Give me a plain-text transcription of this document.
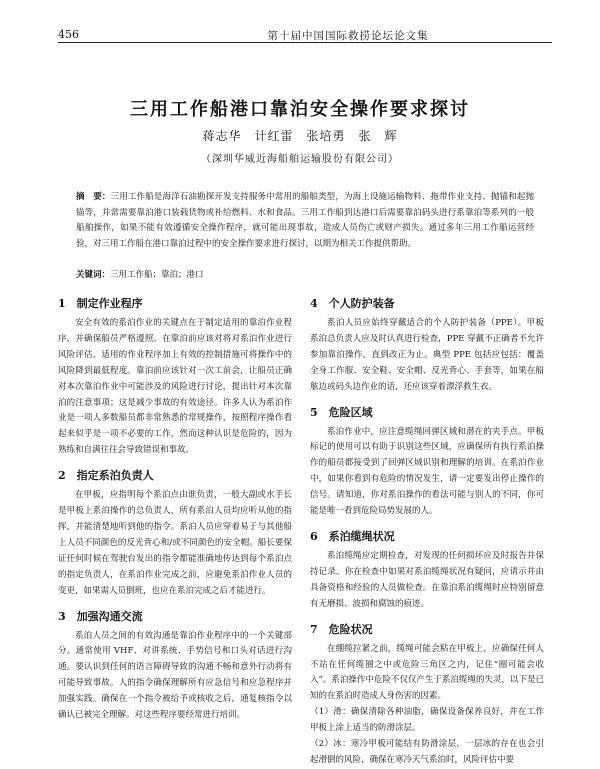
456	第十届中国国际救捞论坛论文集
三用工作船港口靠泊安全操作要求探讨
蒋志华　计红雷　张培勇　张　辉
（深圳华威近海船舶运输股份有限公司）
摘　要：三用工作船是海洋石油勘探开发支持服务中常用的船舶类型，为海上设施运输物料、拖带作业支持、抛锚和起抛锚等，并常需要靠泊港口装载货物或补给燃料、水和食品。三用工作船到达港口后需要靠泊码头进行系靠泊等系列的一般船舶操作，如果不能有效遵循安全操作程序，就可能出现事故，造成人员伤亡或财产损失。通过多年三用工作船运营经验，对三用工作船在港口靠泊过程中的安全操作要求进行探讨，以期为相关工作提供帮助。
关键词：三用工作船；靠泊；港口
1　制定作业程序

安全有效的系泊作业的关键点在于制定适用的靠泊作业程序，并确保船员严格遵照。在靠泊前应该对将对系泊作业进行风险评估，适用的作业程序加上有效的控制措施可将操作中的风险降到最低程度。靠泊前应该针对一次工前会，让船员正确对本次靠泊作业中可能涉及的风险进行讨论，提出针对本次靠泊的注意事项；这是减少事故的有效途径。许多人认为系泊作业是一项人多数船员都非常熟悉的常规操作，按照程序操作看起来似乎是一项不必要的工作，然而这种认识是危险的，因为熟练和自满往往会导致错误和事故。

2　指定系泊负责人

在甲板，应指明每个系泊点由谁负责，一般大副或水手长是甲板上系泊操作的总负责人，所有系泊人员均应听从他的指挥，并能清楚地听到他的指令。系泊人员应穿着易于与其他船上人员不同颜色的反光背心和/或不同颜色的安全帽。船长要保证任何时候在驾驶台发出的指令都能准确地传达到每个系泊点的指定负责人，在系泊作业完成之前，应避免系泊作业人员的变更，如果需人员倒班，也应在系泊完成之后才能进行。

3　加强沟通交流

系泊人员之间的有效沟通是靠泊作业程序中的一个关键部分。通常使用 VHF、对讲系统、手势信号和口头对话进行沟通。要认识到任何的语言障碍导致的沟通不畅和意外行动将有可能导致事故。人的指令确保理解所有应急信号和应急程序并加强实践。确保在一个指令被给予或核收之后，通复核指令以确认已被完全理解。对这些程序要经常进行培训。

4　个人防护装备

系泊人员应始终穿戴适合的个人防护装备（PPE）。甲板系泊总负责人应及时认真进行检查，PPE 穿戴不正确者不允许参加靠泊操作，直到改正为止。典型 PPE 包括应包括：覆盖全身工作服、安全鞋、安全帽、反光背心、手套等，如果在船舷边或码头边作业的话，还应该穿着漂浮救生衣。

5　危险区域

系泊作业中，应注意缆绳回弹区域和潜在的夹手点。甲板标记的使用可以有助于识别这些区域，应确保所有执行系泊操作的船员都接受到了回弹区域识别和理解的培训。在系泊作业中，如果你看到有危险的情况发生，请一定要发出停止操作的信号。请知道，你对系泊操作的看法可能与别人的不同，你可能是唯一看到危险局势发展的人。

6　系泊缆绳状况

系泊缆绳应定期检查，对发现的任何损坏应及时报告并保持记录。你在检查中如果对系泊缆绳状况有疑问，应请示并由具备资格和经验的人员做检查。在靠泊系泊缆绳时应特别留意有无磨损、波损和腐蚀的痕迹。

7　危险状况

在绷缆拉紧之前，缆绳可能会粘在甲板上，应确保任何人不站在任何缆圈之中或危险三角区之内，记住“圈可能会收入”。系泊操作中危险不仅仅产生于系泊缆绳的失灵，以下是已知的在系泊时造成人身伤害的因素。
（1）滑：确保清除各种油脂，确保设备保养良好，并在工作甲板上涂上适当的防滑涂层。
（2）冰：寒冷甲板可能结有防滑涂层，一层冰的存在也会引起滑倒的风险，确保在寒冷天气系泊时，风险评估中要
